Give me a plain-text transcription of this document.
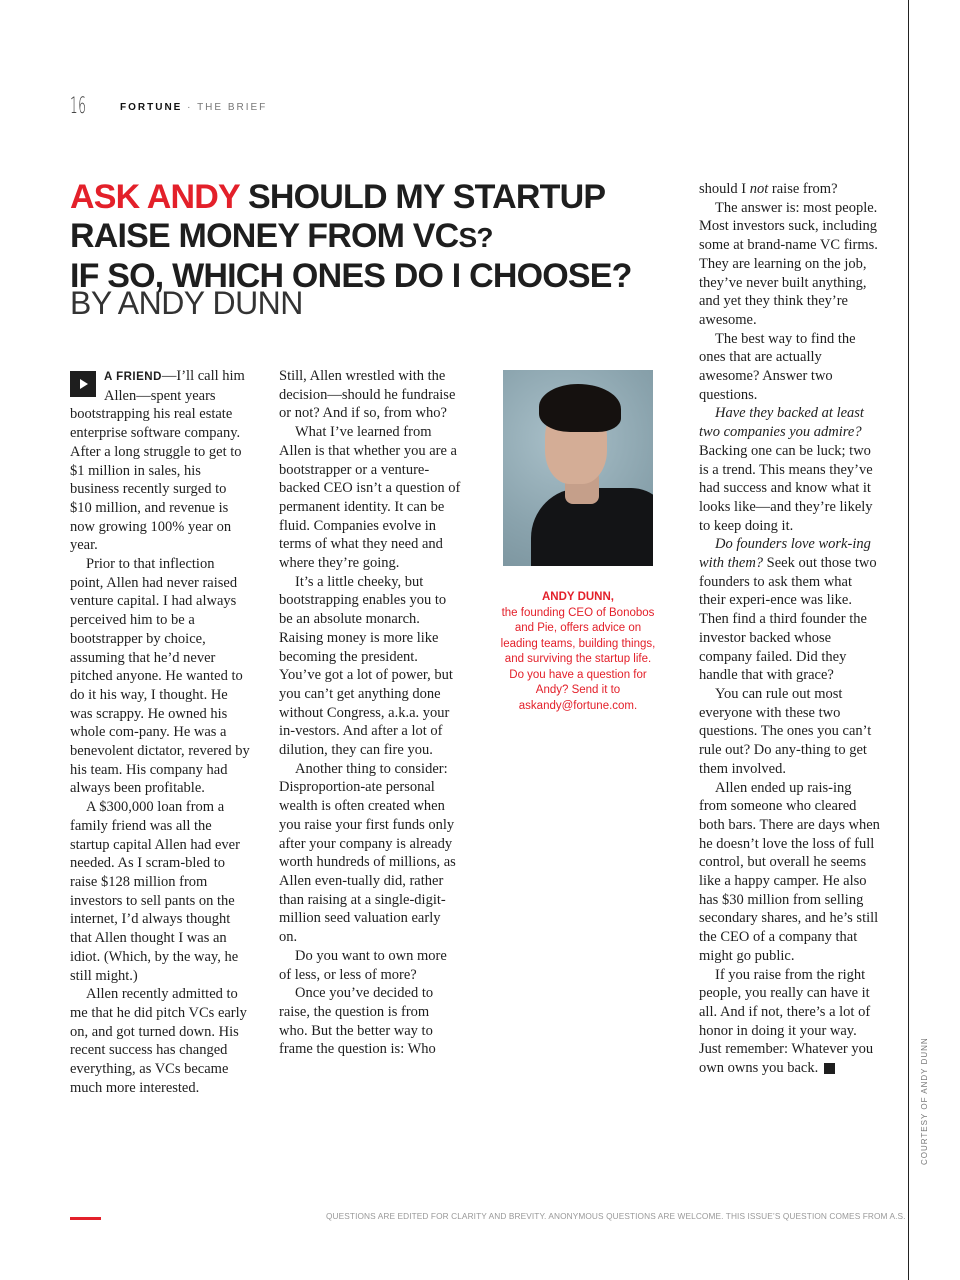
16	FORTUNE · THE BRIEF
ASK ANDY SHOULD MY STARTUP
RAISE MONEY FROM VCS?
IF SO, WHICH ONES DO I CHOOSE?
BY ANDY DUNN

A FRIEND—I’ll call him Allen—spent years bootstrapping his real estate enterprise software company. After a long struggle to get to $1 million in sales, his business recently surged to $10 million, and revenue is now growing 100% year on year.

Prior to that inflection point, Allen had never raised venture capital. I had always perceived him to be a bootstrapper by choice, assuming that he’d never pitched anyone. He wanted to do it his way, I thought. He was scrappy. He owned his whole com-pany. He was a benevolent dictator, revered by his team. His company had always been profitable.

A $300,000 loan from a family friend was all the startup capital Allen had ever needed. As I scram-bled to raise $128 million from investors to sell pants on the internet, I’d always thought that Allen thought I was an idiot. (Which, by the way, he still might.)

Allen recently admitted to me that he did pitch VCs early on, and got turned down. His recent success has changed everything, as VCs became much more interested.

Still, Allen wrestled with the decision—should he fundraise or not? And if so, from who?

What I’ve learned from Allen is that whether you are a bootstrapper or a venture-backed CEO isn’t a question of permanent identity. It can be fluid. Companies evolve in terms of what they need and where they’re going.

It’s a little cheeky, but bootstrapping enables you to be an absolute monarch. Raising money is more like becoming the president. You’ve got a lot of power, but you can’t get anything done without Congress, a.k.a. your in-vestors. And after a lot of dilution, they can fire you.

Another thing to consider: Disproportion-ate personal wealth is often created when you raise your first funds only after your company is already worth hundreds of millions, as Allen even-tually did, rather than raising at a single-digit-million seed valuation early on.

Do you want to own more of less, or less of more?

Once you’ve decided to raise, the question is from who. But the better way to frame the question is: Who

ANDY DUNN,
the founding CEO of Bonobos and Pie, offers advice on leading teams, building things, and surviving the startup life. Do you have a question for Andy? Send it to askandy@fortune.com.

should I not raise from?

The answer is: most people. Most investors suck, including some at brand-name VC firms. They are learning on the job, they’ve never built anything, and yet they think they’re awesome.

The best way to find the ones that are actually awesome? Answer two questions.

Have they backed at least two companies you admire? Backing one can be luck; two is a trend. This means they’ve had success and know what it looks like—and they’re likely to keep doing it.

Do founders love work-ing with them? Seek out those two founders to ask them what their experi-ence was like. Then find a third founder the investor backed whose company failed. Did they handle that with grace?

You can rule out most everyone with these two questions. The ones you can’t rule out? Do any-thing to get them involved.

Allen ended up rais-ing from someone who cleared both bars. There are days when he doesn’t love the loss of full control, but overall he seems like a happy camper. He also has $30 million from selling secondary shares, and he’s still the CEO of a company that might go public.

If you raise from the right people, you really can have it all. And if not, there’s a lot of honor in doing it your way. Just remember: Whatever you own owns you back.	F	COURTESY OF ANDY DUNN
QUESTIONS ARE EDITED FOR CLARITY AND BREVITY. ANONYMOUS QUESTIONS ARE WELCOME. THIS ISSUE’S QUESTION COMES FROM A.S.
